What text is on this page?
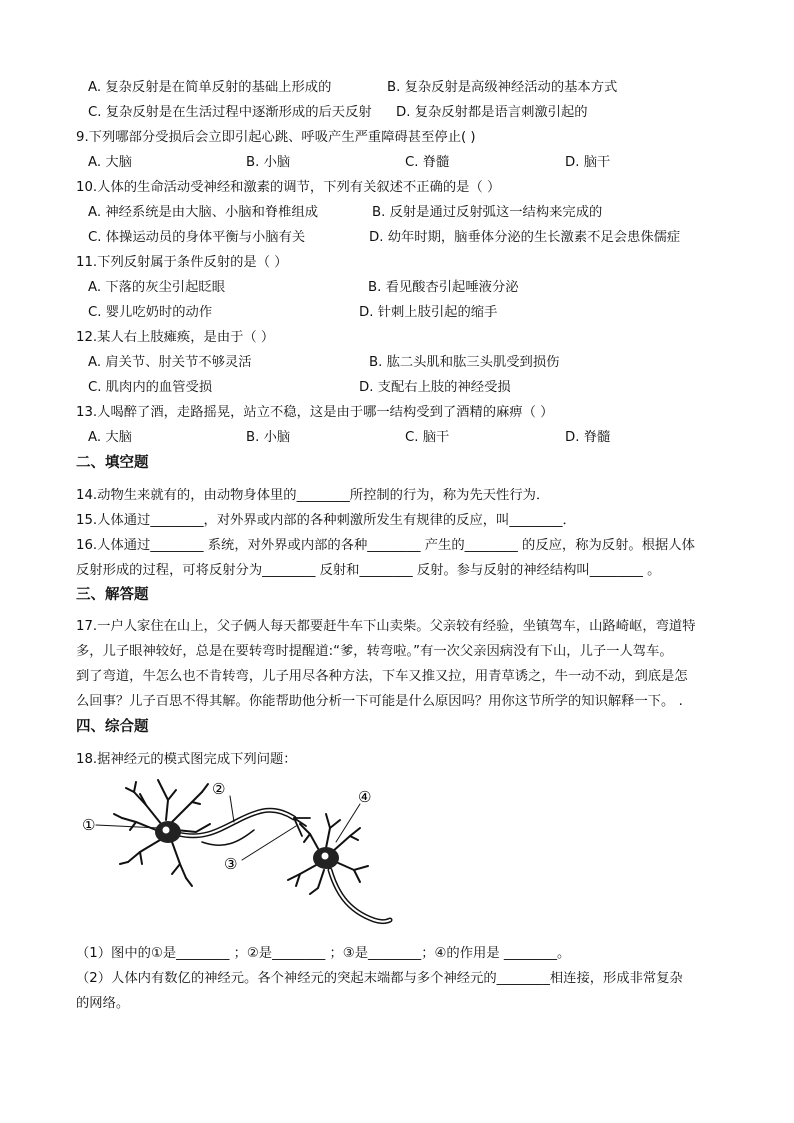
A. 复杂反射是在简单反射的基础上形成的	B. 复杂反射是高级神经活动的基本方式
C. 复杂反射是在生活过程中逐渐形成的后天反射 D. 复杂反射都是语言刺激引起的
9.下列哪部分受损后会立即引起心跳、呼吸产生严重障碍甚至停止( )
A. 大脑	B. 小脑	C. 脊髓	D. 脑干
10.人体的生命活动受神经和激素的调节，下列有关叙述不正确的是（ ）
A. 神经系统是由大脑、小脑和脊椎组成	B. 反射是通过反射弧这一结构来完成的
C. 体操运动员的身体平衡与小脑有关	D. 幼年时期，脑垂体分泌的生长激素不足会患侏儒症
11.下列反射属于条件反射的是（ ）
A. 下落的灰尘引起眨眼	B. 看见酸杏引起唾液分泌
C. 婴儿吃奶时的动作	D. 针刺上肢引起的缩手
12.某人右上肢瘫痪，是由于（ ）
A. 肩关节、肘关节不够灵活	B. 肱二头肌和肱三头肌受到损伤
C. 肌肉内的血管受损	D. 支配右上肢的神经受损
13.人喝醉了酒，走路摇晃，站立不稳，这是由于哪一结构受到了酒精的麻痹（ ）
A. 大脑	B. 小脑	C. 脑干	D. 脊髓
二、填空题
14.动物生来就有的，由动物身体里的________所控制的行为，称为先天性行为．
15.人体通过________，对外界或内部的各种刺激所发生有规律的反应，叫________．
16.人体通过________ 系统，对外界或内部的各种________ 产生的________ 的反应，称为反射。根据人体
反射形成的过程，可将反射分为________ 反射和________ 反射。参与反射的神经结构叫________ 。
三、解答题
17.一户人家住在山上，父子俩人每天都要赶牛车下山卖柴。父亲较有经验，坐镇驾车，山路崎岖，弯道特
多，儿子眼神较好，总是在要转弯时提醒道:“爹，转弯啦。”有一次父亲因病没有下山，儿子一人驾车。
到了弯道，牛怎么也不肯转弯，儿子用尽各种方法，下车又推又拉，用青草诱之，牛一动不动，到底是怎
么回事？儿子百思不得其解。你能帮助他分析一下可能是什么原因吗？用你这节所学的知识解释一下。 .
四、综合题
18.据神经元的模式图完成下列问题：
①
②
③
④
（1）图中的①是________ ；②是________ ；③是________；④的作用是 ________。
（2）人体内有数亿的神经元。各个神经元的突起末端都与多个神经元的________相连接，形成非常复杂
的网络。
